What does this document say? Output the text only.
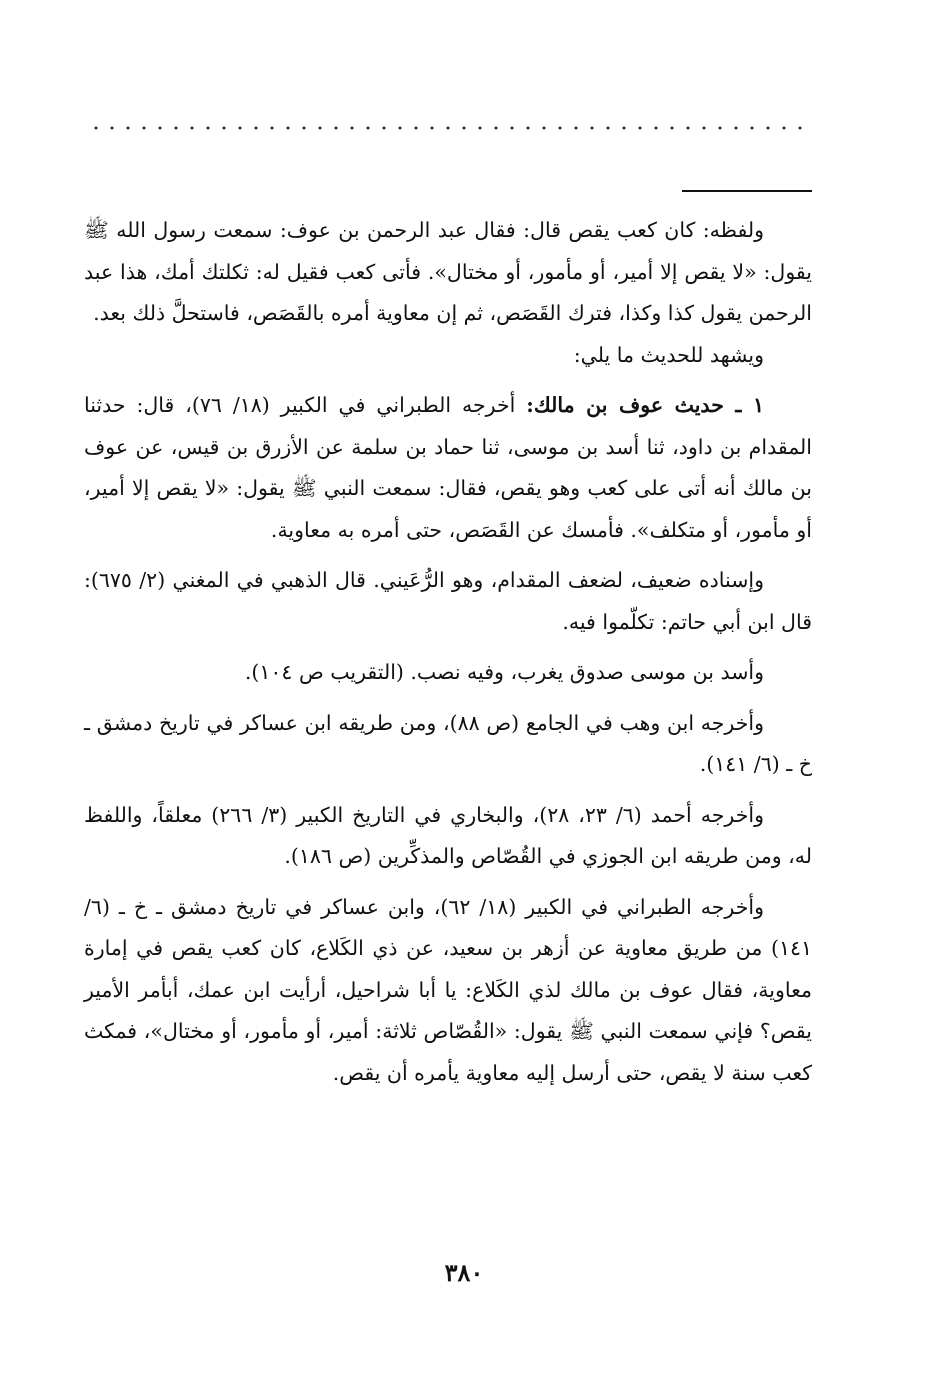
ولفظه: كان كعب يقص قال: فقال عبد الرحمن بن عوف: سمعت رسول الله ﷺ يقول: «لا يقص إلا أمير، أو مأمور، أو مختال». فأتى كعب فقيل له: ثكلتك أمك، هذا عبد الرحمن يقول كذا وكذا، فترك القَصَص، ثم إن معاوية أمره بالقَصَص، فاستحلَّ ذلك بعد.

ويشهد للحديث ما يلي:

١ ـ حديث عوف بن مالك: أخرجه الطبراني في الكبير (١٨/ ٧٦)، قال: حدثنا المقدام بن داود، ثنا أسد بن موسى، ثنا حماد بن سلمة عن الأزرق بن قيس، عن عوف بن مالك أنه أتى على كعب وهو يقص، فقال: سمعت النبي ﷺ يقول: «لا يقص إلا أمير، أو مأمور، أو متكلف». فأمسك عن القَصَص، حتى أمره به معاوية.

وإسناده ضعيف، لضعف المقدام، وهو الرُّعَيني. قال الذهبي في المغني (٢/ ٦٧٥): قال ابن أبي حاتم: تكلّموا فيه.

وأسد بن موسى صدوق يغرب، وفيه نصب. (التقريب ص ١٠٤).

وأخرجه ابن وهب في الجامع (ص ٨٨)، ومن طريقه ابن عساكر في تاريخ دمشق ـ خ ـ (٦/ ١٤١).

وأخرجه أحمد (٦/ ٢٣، ٢٨)، والبخاري في التاريخ الكبير (٣/ ٢٦٦) معلقاً، واللفظ له، ومن طريقه ابن الجوزي في القُصّاص والمذكِّرين (ص ١٨٦).

وأخرجه الطبراني في الكبير (١٨/ ٦٢)، وابن عساكر في تاريخ دمشق ـ خ ـ (٦/ ١٤١) من طريق معاوية عن أزهر بن سعيد، عن ذي الكَلاع، كان كعب يقص في إمارة معاوية، فقال عوف بن مالك لذي الكَلاع: يا أبا شراحيل، أرأيت ابن عمك، أبأمر الأمير يقص؟ فإني سمعت النبي ﷺ يقول: «القُصّاص ثلاثة: أمير، أو مأمور، أو مختال»، فمكث كعب سنة لا يقص، حتى أرسل إليه معاوية يأمره أن يقص.

٣٨٠
